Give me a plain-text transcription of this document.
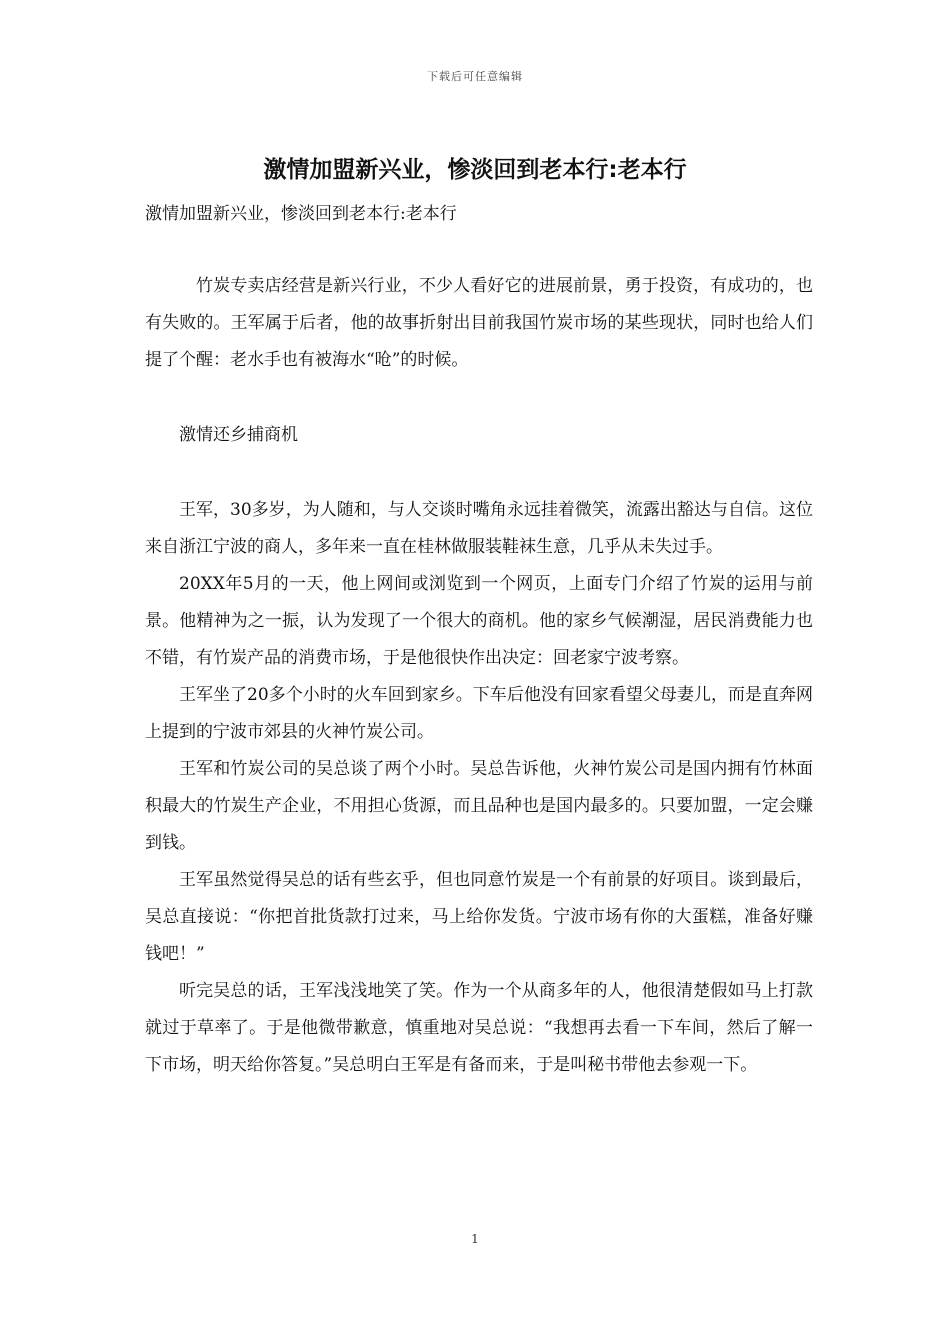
下载后可任意编辑
激情加盟新兴业，惨淡回到老本行:老本行
激情加盟新兴业，惨淡回到老本行:老本行

竹炭专卖店经营是新兴行业，不少人看好它的进展前景，勇于投资，有成功的，也有失败的。王军属于后者，他的故事折射出目前我国竹炭市场的某些现状，同时也给人们提了个醒：老水手也有被海水“呛”的时候。

激情还乡捕商机

王军，30多岁，为人随和，与人交谈时嘴角永远挂着微笑，流露出豁达与自信。这位来自浙江宁波的商人，多年来一直在桂林做服装鞋袜生意，几乎从未失过手。

20XX年5月的一天，他上网间或浏览到一个网页，上面专门介绍了竹炭的运用与前景。他精神为之一振，认为发现了一个很大的商机。他的家乡气候潮湿，居民消费能力也不错，有竹炭产品的消费市场，于是他很快作出决定：回老家宁波考察。

王军坐了20多个小时的火车回到家乡。下车后他没有回家看望父母妻儿，而是直奔网上提到的宁波市郊县的火神竹炭公司。

王军和竹炭公司的吴总谈了两个小时。吴总告诉他，火神竹炭公司是国内拥有竹林面积最大的竹炭生产企业，不用担心货源，而且品种也是国内最多的。只要加盟，一定会赚到钱。

王军虽然觉得吴总的话有些玄乎，但也同意竹炭是一个有前景的好项目。谈到最后，吴总直接说：“你把首批货款打过来，马上给你发货。宁波市场有你的大蛋糕，准备好赚钱吧！”

听完吴总的话，王军浅浅地笑了笑。作为一个从商多年的人，他很清楚假如马上打款就过于草率了。于是他微带歉意，慎重地对吴总说：“我想再去看一下车间，然后了解一下市场，明天给你答复。”吴总明白王军是有备而来，于是叫秘书带他去参观一下。

1
